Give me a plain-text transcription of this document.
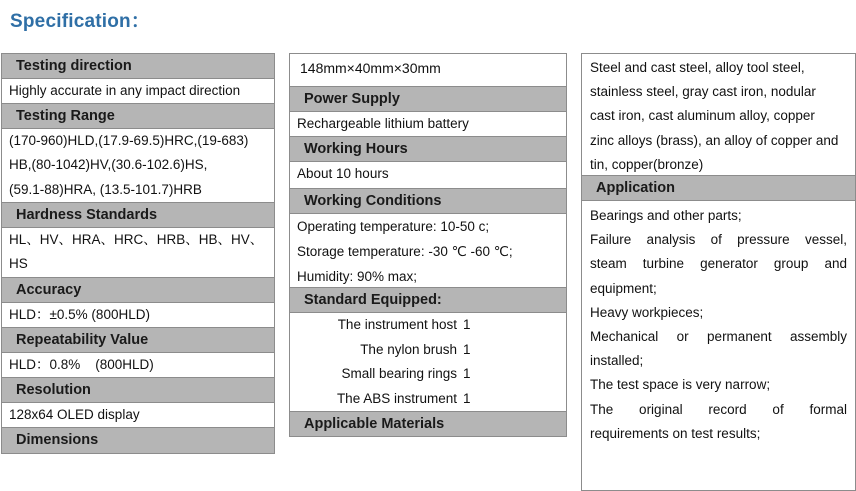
Specification：
Testing direction
Highly accurate in any impact direction
Testing Range
(170-960)HLD,(17.9-69.5)HRC,(19-683)
HB,(80-1042)HV,(30.6-102.6)HS,
(59.1-88)HRA, (13.5-101.7)HRB
Hardness Standards
HL、HV、HRA、HRC、HRB、HB、HV、
HS
Accuracy
HLD：±0.5% (800HLD)
Repeatability Value
HLD：0.8%    (800HLD)
Resolution
128x64 OLED display
Dimensions
148mm×40mm×30mm
Power Supply
Rechargeable lithium battery
Working Hours
About 10 hours
Working Conditions
Operating temperature: 10-50 c;
Storage temperature: -30 ℃ -60 ℃;
Humidity: 90% max;
Standard Equipped:
The instrument host 1
The nylon brush 1
Small bearing rings 1
The ABS instrument 1
Applicable Materials
Steel and cast steel, alloy tool steel,
stainless steel, gray cast iron, nodular
cast iron, cast aluminum alloy, copper
zinc alloys (brass), an alloy of copper and
tin, copper(bronze)
Application
Bearings and other parts;
Failure analysis of pressure vessel,
steam turbine generator group and
equipment;
Heavy workpieces;
Mechanical or permanent assembly
installed;
The test space is very narrow;
The original record of formal
requirements on test results;
